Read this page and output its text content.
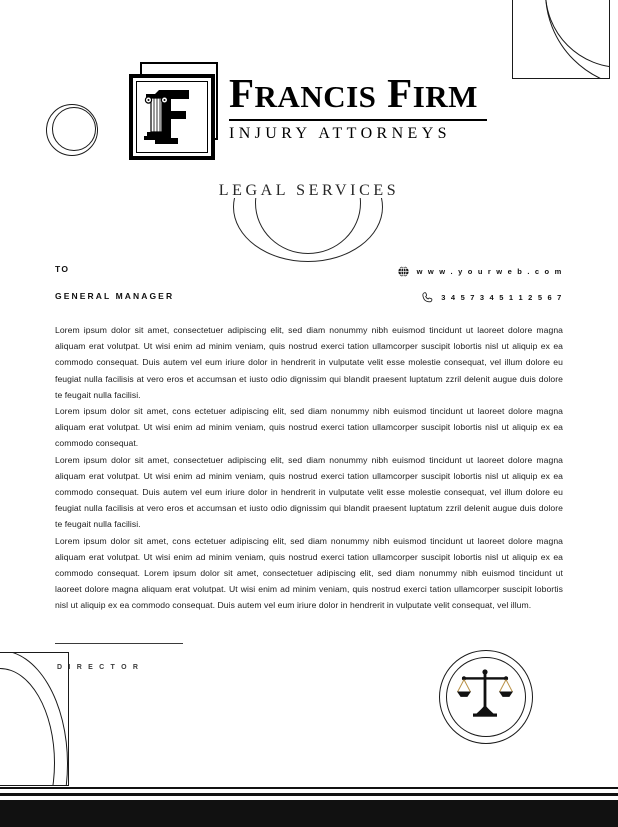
FRANCIS FIRM
INJURY ATTORNEYS
LEGAL SERVICES
TO
GENERAL MANAGER
w w w . y o u r w e b . c o m
3 4 5 7 3 4 5 1 1 2 5 6 7

Lorem ipsum dolor sit amet, consectetuer adipiscing elit, sed diam nonummy nibh euismod tincidunt ut laoreet dolore magna aliquam erat volutpat. Ut wisi enim ad minim veniam, quis nostrud exerci tation ullamcorper suscipit lobortis nisl ut aliquip ex ea commodo consequat. Duis autem vel eum iriure dolor in hendrerit in vulputate velit esse molestie consequat, vel illum dolore eu feugiat nulla facilisis at vero eros et accumsan et iusto odio dignissim qui blandit praesent luptatum zzril delenit augue duis dolore te feugait nulla facilisi.

Lorem ipsum dolor sit amet, cons ectetuer adipiscing elit, sed diam nonummy nibh euismod tincidunt ut laoreet dolore magna aliquam erat volutpat. Ut wisi enim ad minim veniam, quis nostrud exerci tation ullamcorper suscipit lobortis nisl ut aliquip ex ea commodo consequat.

Lorem ipsum dolor sit amet, consectetuer adipiscing elit, sed diam nonummy nibh euismod tincidunt ut laoreet dolore magna aliquam erat volutpat. Ut wisi enim ad minim veniam, quis nostrud exerci tation ullamcorper suscipit lobortis nisl ut aliquip ex ea commodo consequat. Duis autem vel eum iriure dolor in hendrerit in vulputate velit esse molestie consequat, vel illum dolore eu feugiat nulla facilisis at vero eros et accumsan et iusto odio dignissim qui blandit praesent luptatum zzril delenit augue duis dolore te feugait nulla facilisi.

Lorem ipsum dolor sit amet, cons ectetuer adipiscing elit, sed diam nonummy nibh euismod tincidunt ut laoreet dolore magna aliquam erat volutpat. Ut wisi enim ad minim veniam, quis nostrud exerci tation ullamcorper suscipit lobortis nisl ut aliquip ex ea commodo consequat. Lorem ipsum dolor sit amet, consectetuer adipiscing elit, sed diam nonummy nibh euismod tincidunt ut laoreet dolore magna aliquam erat volutpat. Ut wisi enim ad minim veniam, quis nostrud exerci tation ullamcorper suscipit lobortis nisl ut aliquip ex ea commodo consequat. Duis autem vel eum iriure dolor in hendrerit in vulputate velit consequat, vel illum.

D I R E C T O R
